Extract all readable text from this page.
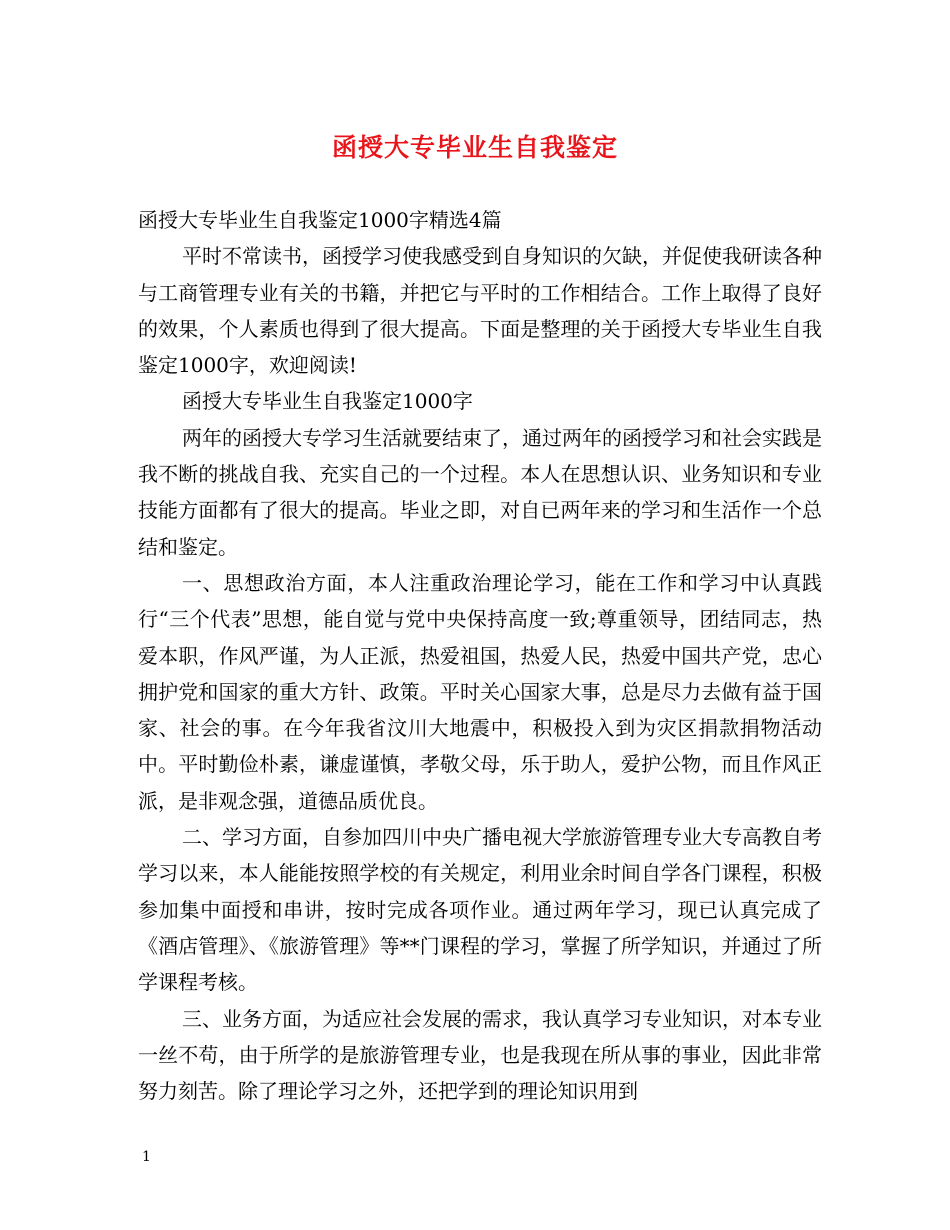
函授大专毕业生自我鉴定

函授大专毕业生自我鉴定1000字精选4篇

平时不常读书，函授学习使我感受到自身知识的欠缺，并促使我研读各种与工商管理专业有关的书籍，并把它与平时的工作相结合。工作上取得了良好的效果，个人素质也得到了很大提高。下面是整理的关于函授大专毕业生自我鉴定1000字，欢迎阅读!

函授大专毕业生自我鉴定1000字

两年的函授大专学习生活就要结束了，通过两年的函授学习和社会实践是我不断的挑战自我、充实自己的一个过程。本人在思想认识、业务知识和专业技能方面都有了很大的提高。毕业之即，对自已两年来的学习和生活作一个总结和鉴定。

一、思想政治方面，本人注重政治理论学习，能在工作和学习中认真践行“三个代表”思想，能自觉与党中央保持高度一致;尊重领导，团结同志，热爱本职，作风严谨，为人正派，热爱祖国，热爱人民，热爱中国共产党，忠心拥护党和国家的重大方针、政策。平时关心国家大事，总是尽力去做有益于国家、社会的事。在今年我省汶川大地震中，积极投入到为灾区捐款捐物活动中。平时勤俭朴素，谦虚谨慎，孝敬父母，乐于助人，爱护公物，而且作风正派，是非观念强，道德品质优良。

二、学习方面，自参加四川中央广播电视大学旅游管理专业大专高教自考学习以来，本人能能按照学校的有关规定，利用业余时间自学各门课程，积极参加集中面授和串讲，按时完成各项作业。通过两年学习，现已认真完成了《酒店管理》、《旅游管理》等**门课程的学习，掌握了所学知识，并通过了所学课程考核。

三、业务方面，为适应社会发展的需求，我认真学习专业知识，对本专业一丝不苟，由于所学的是旅游管理专业，也是我现在所从事的事业，因此非常努力刻苦。除了理论学习之外，还把学到的理论知识用到

1
